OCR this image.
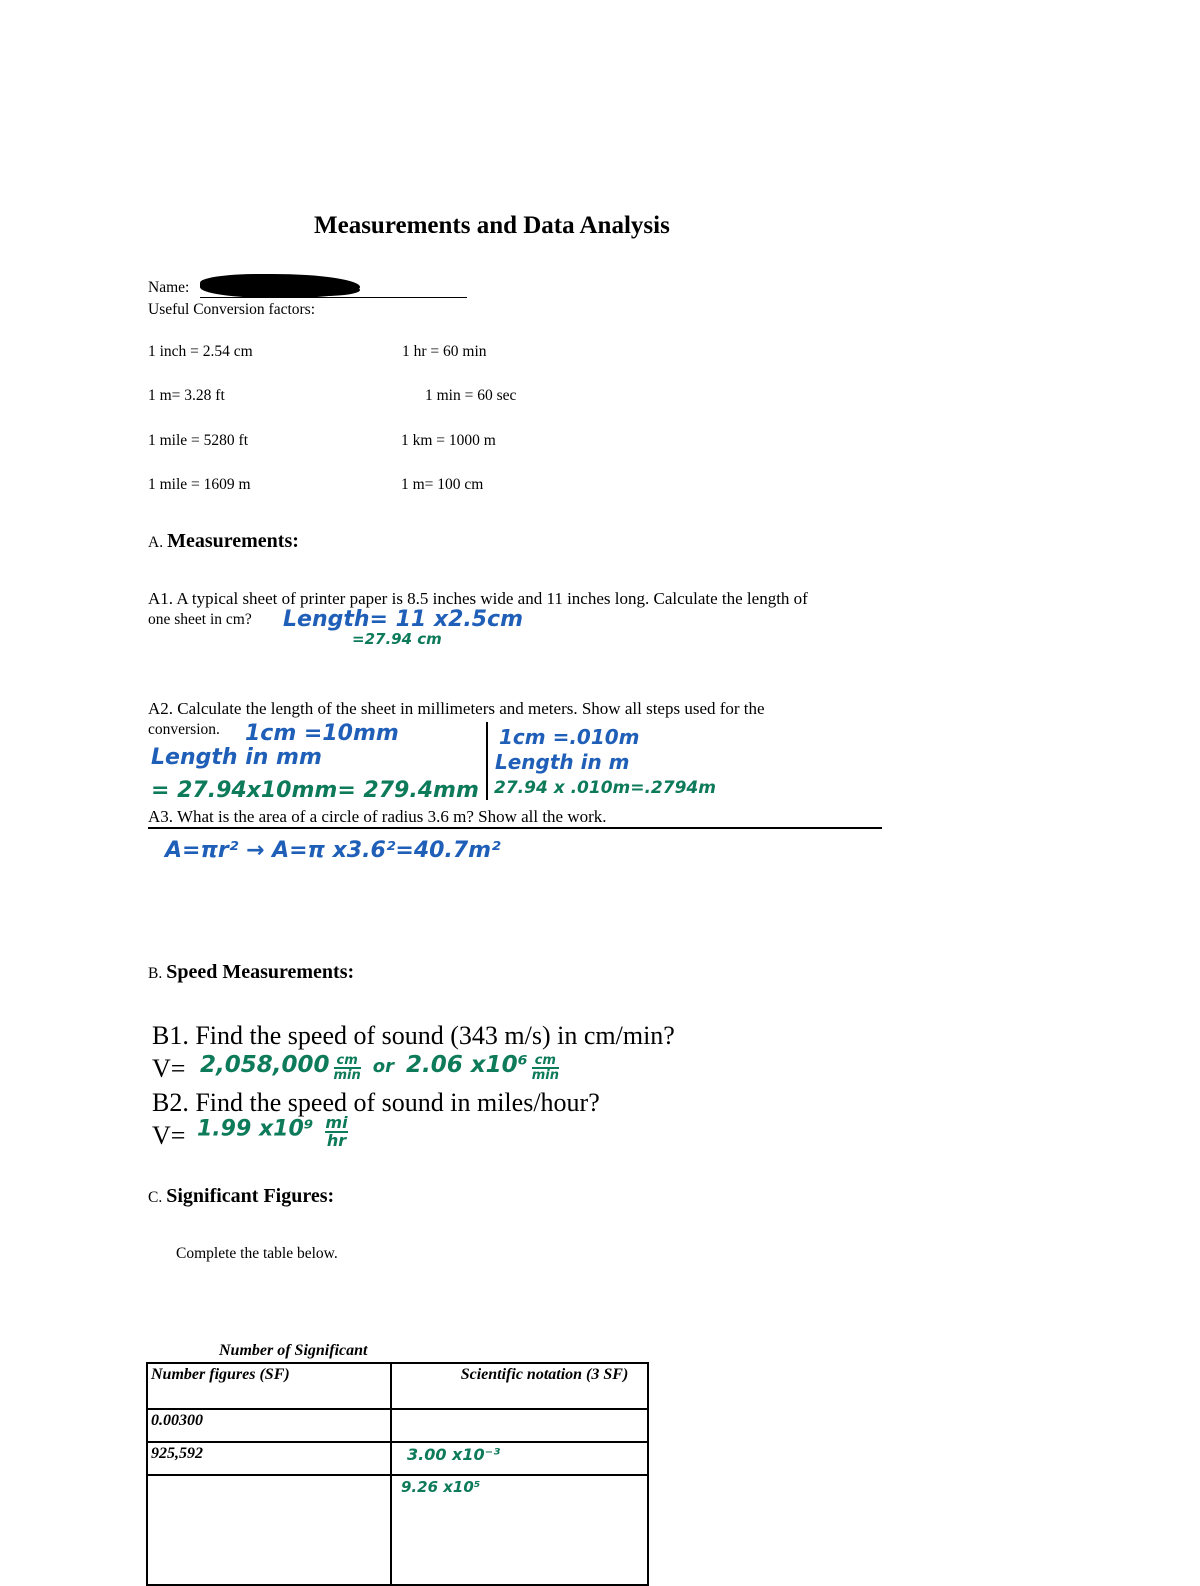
Measurements and Data Analysis
Name:
Useful Conversion factors:
1 inch = 2.54 cm	1 hr = 60 min
1 m= 3.28 ft	1 min = 60 sec
1 mile = 5280 ft	1 km = 1000 m
1 mile = 1609 m	1 m= 100 cm
A. Measurements:
A1. A typical sheet of printer paper is 8.5 inches wide and 11 inches long. Calculate the length of
one sheet in cm? Length= 11 x2.5cm
=27.94 cm
A2. Calculate the length of the sheet in millimeters and meters. Show all steps used for the
conversion. 1cm =10mm
Length in mm
= 27.94x10mm= 279.4mm
1cm =.010m
Length in m
27.94 x .010m=.2794m
A3. What is the area of a circle of radius 3.6 m? Show all the work.
A=πr² → A=π x3.6²=40.7m²
B. Speed Measurements:
B1. Find the speed of sound (343 m/s) in cm/min?
$V= 2,058,000 \frac{cm}{\min}$ or 2.06 $x10^6 \frac{cm}{\min}$
B2. Find the speed of sound in miles/hour?
V= 1.99 $x10^9 \frac{mi}{hr}$
C. Significant Figures:
Complete the table below.
Number of Significant
Number figures (SF)	Scientific notation (3 SF)
0.00300	
925,592	3.00 x10⁻³
	9.26 x10⁵
